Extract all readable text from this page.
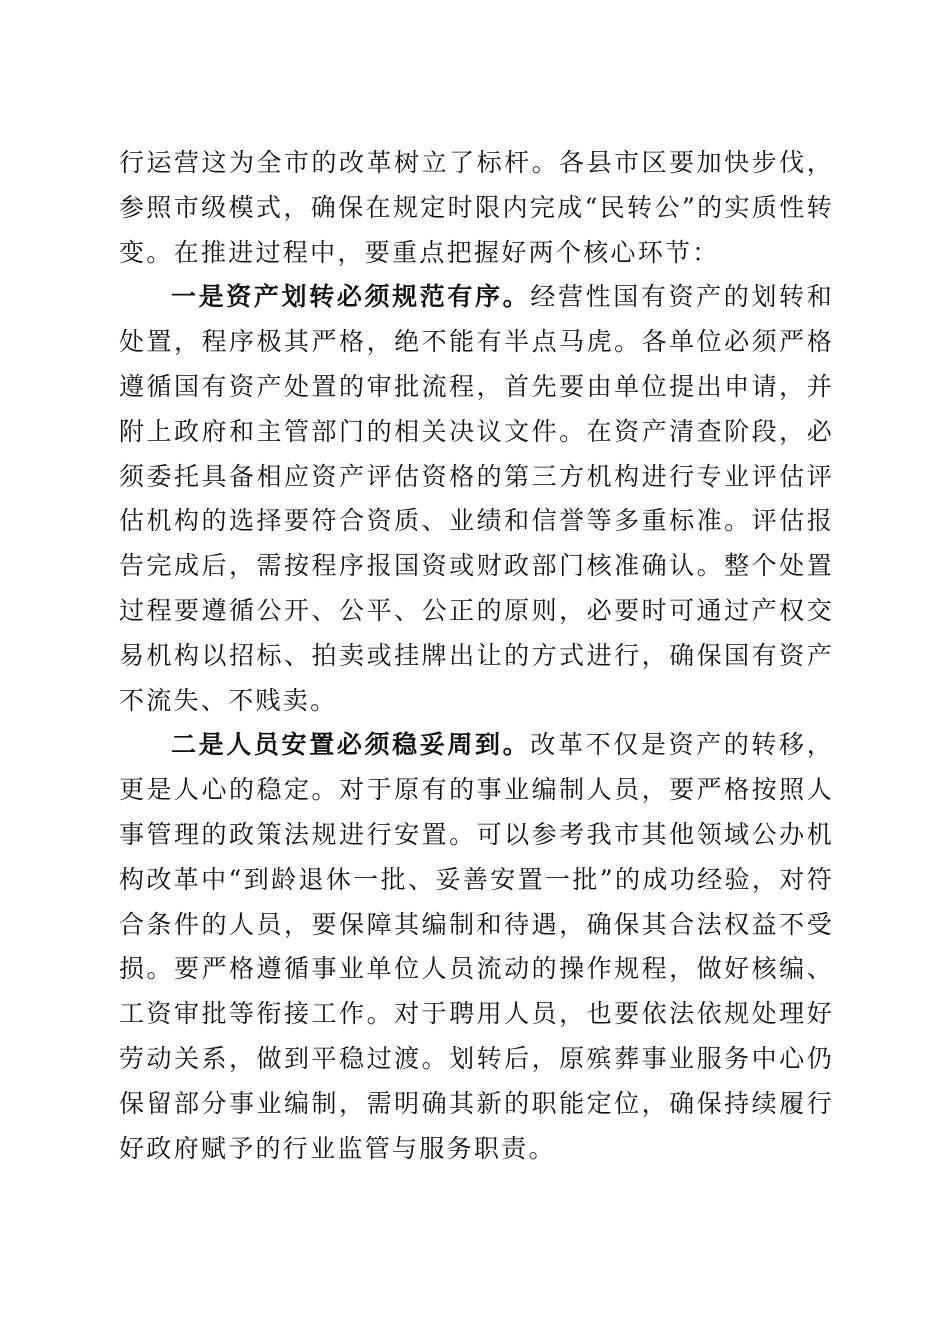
行运营这为全市的改革树立了标杆。各县市区要加快步伐，参照市级模式，确保在规定时限内完成“民转公”的实质性转变。在推进过程中，要重点把握好两个核心环节：

一是资产划转必须规范有序。经营性国有资产的划转和处置，程序极其严格，绝不能有半点马虎。各单位必须严格遵循国有资产处置的审批流程，首先要由单位提出申请，并附上政府和主管部门的相关决议文件。在资产清查阶段，必须委托具备相应资产评估资格的第三方机构进行专业评估评估机构的选择要符合资质、业绩和信誉等多重标准。评估报告完成后，需按程序报国资或财政部门核准确认。整个处置过程要遵循公开、公平、公正的原则，必要时可通过产权交易机构以招标、拍卖或挂牌出让的方式进行，确保国有资产不流失、不贱卖。

二是人员安置必须稳妥周到。改革不仅是资产的转移，更是人心的稳定。对于原有的事业编制人员，要严格按照人事管理的政策法规进行安置。可以参考我市其他领域公办机构改革中“到龄退休一批、妥善安置一批”的成功经验，对符合条件的人员，要保障其编制和待遇，确保其合法权益不受损。要严格遵循事业单位人员流动的操作规程，做好核编、工资审批等衔接工作。对于聘用人员，也要依法依规处理好劳动关系，做到平稳过渡。划转后，原殡葬事业服务中心仍保留部分事业编制，需明确其新的职能定位，确保持续履行好政府赋予的行业监管与服务职责。
